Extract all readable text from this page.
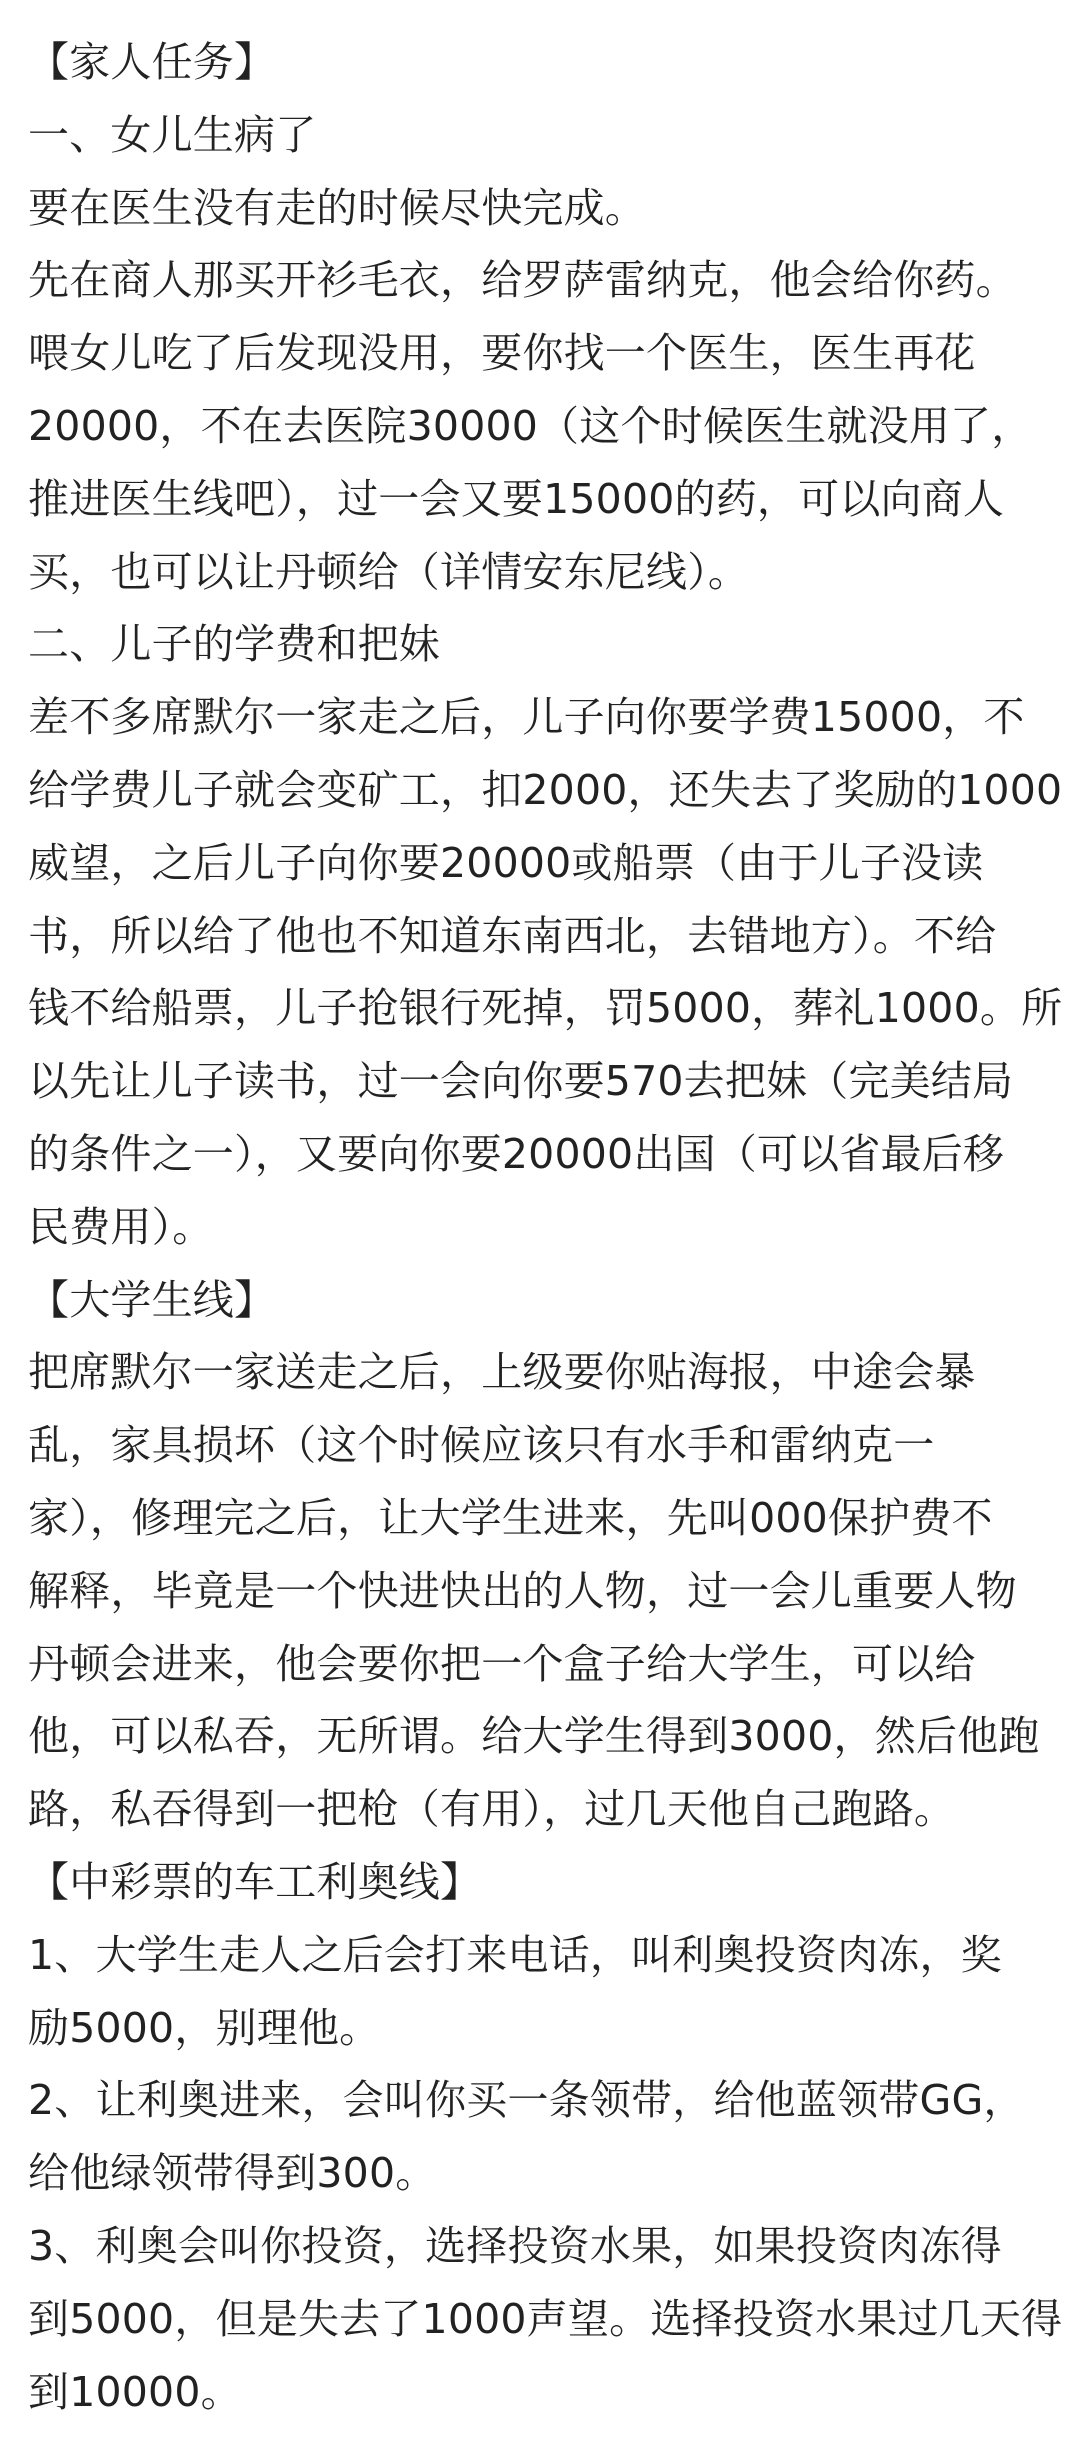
【家人任务】
一、女儿生病了
要在医生没有走的时候尽快完成。
先在商人那买开衫毛衣，给罗萨雷纳克，他会给你药。
喂女儿吃了后发现没用，要你找一个医生，医生再花
20000，不在去医院30000（这个时候医生就没用了，
推进医生线吧），过一会又要15000的药，可以向商人
买，也可以让丹顿给（详情安东尼线）。
二、儿子的学费和把妹
差不多席默尔一家走之后，儿子向你要学费15000，不
给学费儿子就会变矿工，扣2000，还失去了奖励的1000
威望，之后儿子向你要20000或船票（由于儿子没读
书，所以给了他也不知道东南西北，去错地方）。不给
钱不给船票，儿子抢银行死掉，罚5000，葬礼1000。所
以先让儿子读书，过一会向你要570去把妹（完美结局
的条件之一），又要向你要20000出国（可以省最后移
民费用）。
【大学生线】
把席默尔一家送走之后，上级要你贴海报，中途会暴
乱，家具损坏（这个时候应该只有水手和雷纳克一
家），修理完之后，让大学生进来，先叫000保护费不
解释，毕竟是一个快进快出的人物，过一会儿重要人物
丹顿会进来，他会要你把一个盒子给大学生，可以给
他，可以私吞，无所谓。给大学生得到3000，然后他跑
路，私吞得到一把枪（有用），过几天他自己跑路。
【中彩票的车工利奥线】
1、大学生走人之后会打来电话，叫利奥投资肉冻，奖
励5000，别理他。
2、让利奥进来，会叫你买一条领带，给他蓝领带GG，
给他绿领带得到300。
3、利奥会叫你投资，选择投资水果，如果投资肉冻得
到5000，但是失去了1000声望。选择投资水果过几天得
到10000。
